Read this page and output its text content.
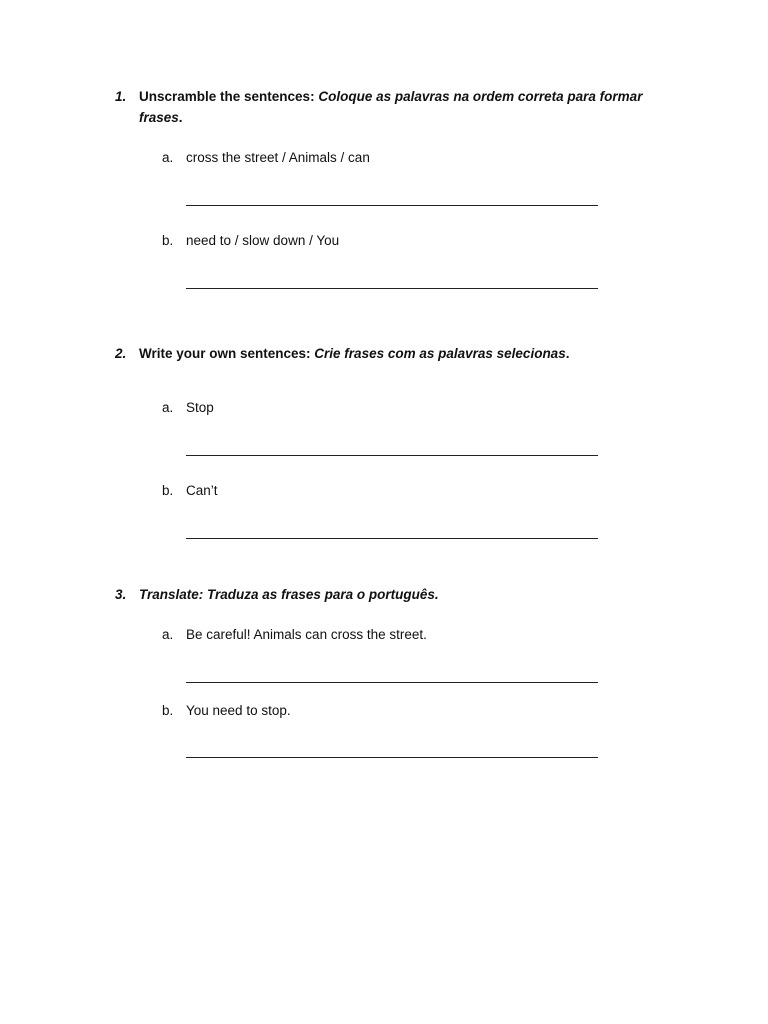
1. Unscramble the sentences: Coloque as palavras na ordem correta para formar frases.
a. cross the street / Animals / can
b. need to / slow down / You
2. Write your own sentences: Crie frases com as palavras selecionas.
a. Stop
b. Can’t
3. Translate: Traduza as frases para o português.
a. Be careful! Animals can cross the street.
b. You need to stop.
